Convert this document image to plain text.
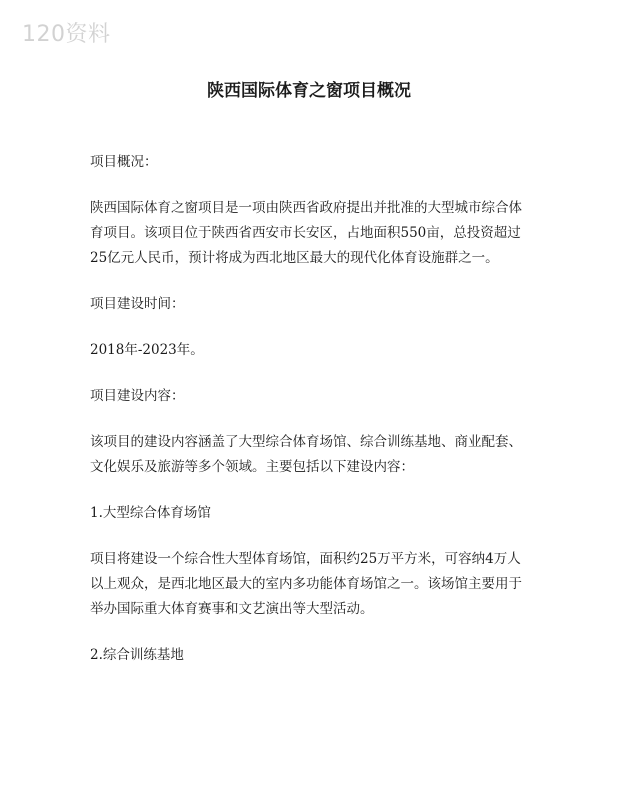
120资料
陕西国际体育之窗项目概况

项目概况：

陕西国际体育之窗项目是一项由陕西省政府提出并批准的大型城市综合体育项目。该项目位于陕西省西安市长安区，占地面积550亩，总投资超过25亿元人民币，预计将成为西北地区最大的现代化体育设施群之一。

项目建设时间：

2018年-2023年。

项目建设内容：

该项目的建设内容涵盖了大型综合体育场馆、综合训练基地、商业配套、文化娱乐及旅游等多个领域。主要包括以下建设内容：

1.大型综合体育场馆

项目将建设一个综合性大型体育场馆，面积约25万平方米，可容纳4万人以上观众，是西北地区最大的室内多功能体育场馆之一。该场馆主要用于举办国际重大体育赛事和文艺演出等大型活动。

2.综合训练基地
